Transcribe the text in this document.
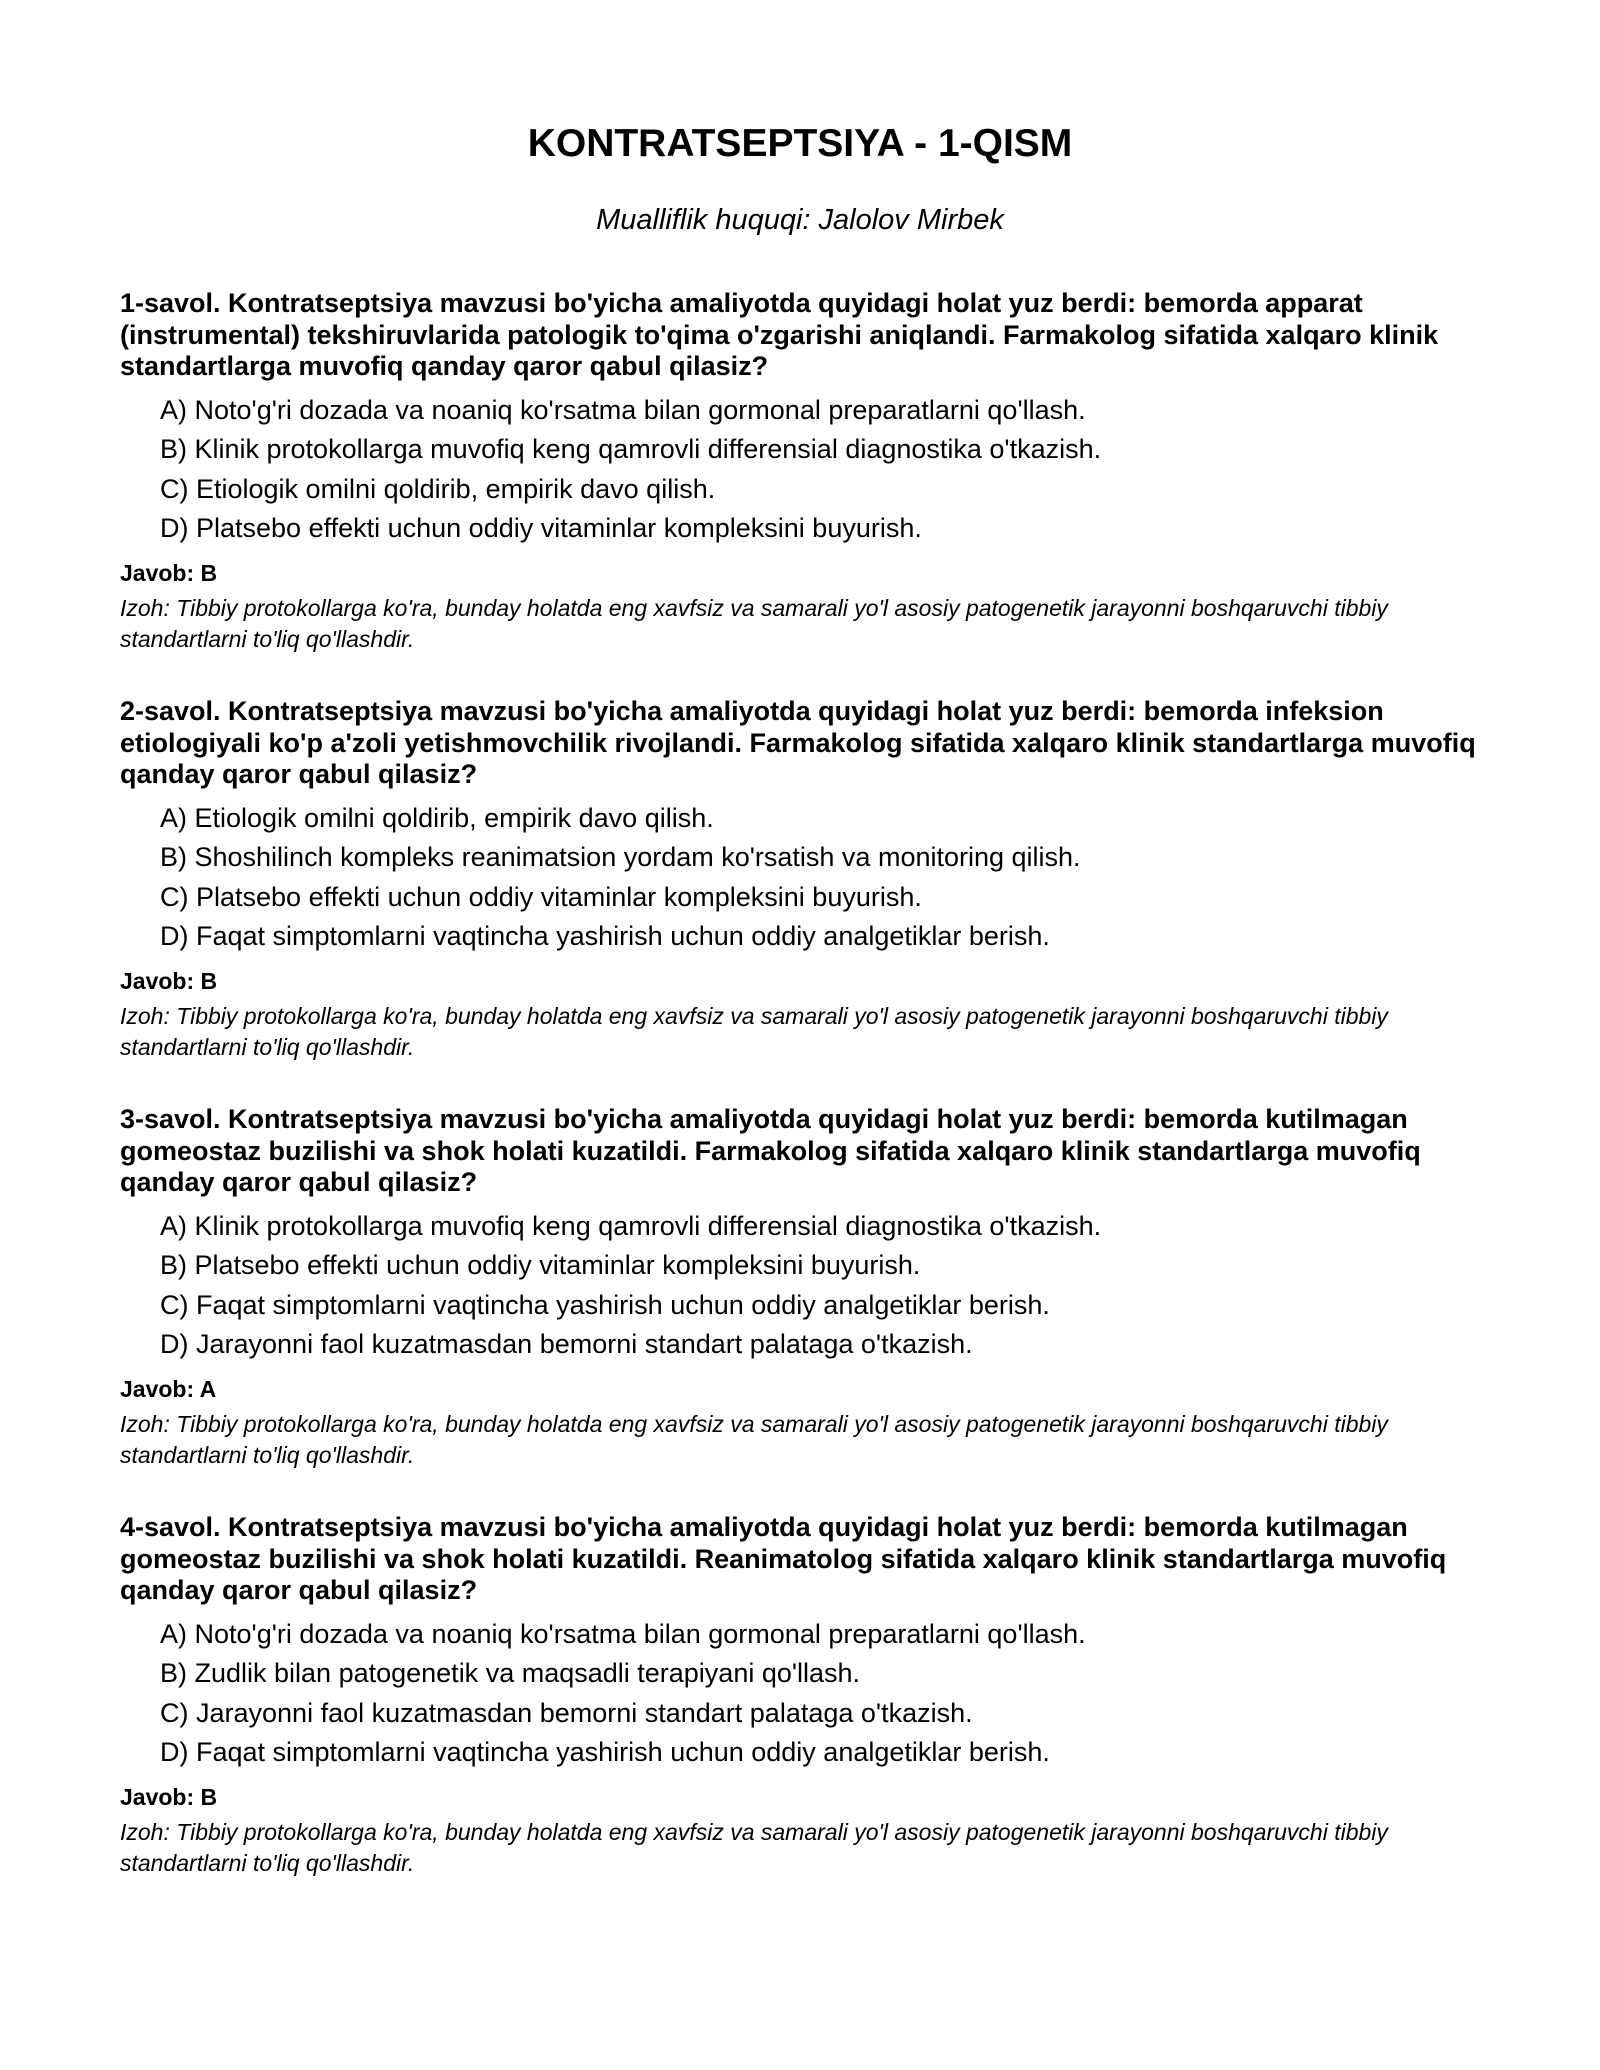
KONTRATSEPTSIYA - 1-QISM

Mualliflik huquqi: Jalolov Mirbek

1-savol. Kontratseptsiya mavzusi bo'yicha amaliyotda quyidagi holat yuz berdi: bemorda apparat (instrumental) tekshiruvlarida patologik to'qima o'zgarishi aniqlandi. Farmakolog sifatida xalqaro klinik standartlarga muvofiq qanday qaror qabul qilasiz?

A) Noto'g'ri dozada va noaniq ko'rsatma bilan gormonal preparatlarni qo'llash.
B) Klinik protokollarga muvofiq keng qamrovli differensial diagnostika o'tkazish.
C) Etiologik omilni qoldirib, empirik davo qilish.
D) Platsebo effekti uchun oddiy vitaminlar kompleksini buyurish.

Javob: B

Izoh: Tibbiy protokollarga ko'ra, bunday holatda eng xavfsiz va samarali yo'l asosiy patogenetik jarayonni boshqaruvchi tibbiy standartlarni to'liq qo'llashdir.

2-savol. Kontratseptsiya mavzusi bo'yicha amaliyotda quyidagi holat yuz berdi: bemorda infeksion etiologiyali ko'p a'zoli yetishmovchilik rivojlandi. Farmakolog sifatida xalqaro klinik standartlarga muvofiq qanday qaror qabul qilasiz?

A) Etiologik omilni qoldirib, empirik davo qilish.
B) Shoshilinch kompleks reanimatsion yordam ko'rsatish va monitoring qilish.
C) Platsebo effekti uchun oddiy vitaminlar kompleksini buyurish.
D) Faqat simptomlarni vaqtincha yashirish uchun oddiy analgetiklar berish.

Javob: B

Izoh: Tibbiy protokollarga ko'ra, bunday holatda eng xavfsiz va samarali yo'l asosiy patogenetik jarayonni boshqaruvchi tibbiy standartlarni to'liq qo'llashdir.

3-savol. Kontratseptsiya mavzusi bo'yicha amaliyotda quyidagi holat yuz berdi: bemorda kutilmagan gomeostaz buzilishi va shok holati kuzatildi. Farmakolog sifatida xalqaro klinik standartlarga muvofiq qanday qaror qabul qilasiz?

A) Klinik protokollarga muvofiq keng qamrovli differensial diagnostika o'tkazish.
B) Platsebo effekti uchun oddiy vitaminlar kompleksini buyurish.
C) Faqat simptomlarni vaqtincha yashirish uchun oddiy analgetiklar berish.
D) Jarayonni faol kuzatmasdan bemorni standart palataga o'tkazish.

Javob: A

Izoh: Tibbiy protokollarga ko'ra, bunday holatda eng xavfsiz va samarali yo'l asosiy patogenetik jarayonni boshqaruvchi tibbiy standartlarni to'liq qo'llashdir.

4-savol. Kontratseptsiya mavzusi bo'yicha amaliyotda quyidagi holat yuz berdi: bemorda kutilmagan gomeostaz buzilishi va shok holati kuzatildi. Reanimatolog sifatida xalqaro klinik standartlarga muvofiq qanday qaror qabul qilasiz?

A) Noto'g'ri dozada va noaniq ko'rsatma bilan gormonal preparatlarni qo'llash.
B) Zudlik bilan patogenetik va maqsadli terapiyani qo'llash.
C) Jarayonni faol kuzatmasdan bemorni standart palataga o'tkazish.
D) Faqat simptomlarni vaqtincha yashirish uchun oddiy analgetiklar berish.

Javob: B

Izoh: Tibbiy protokollarga ko'ra, bunday holatda eng xavfsiz va samarali yo'l asosiy patogenetik jarayonni boshqaruvchi tibbiy standartlarni to'liq qo'llashdir.
